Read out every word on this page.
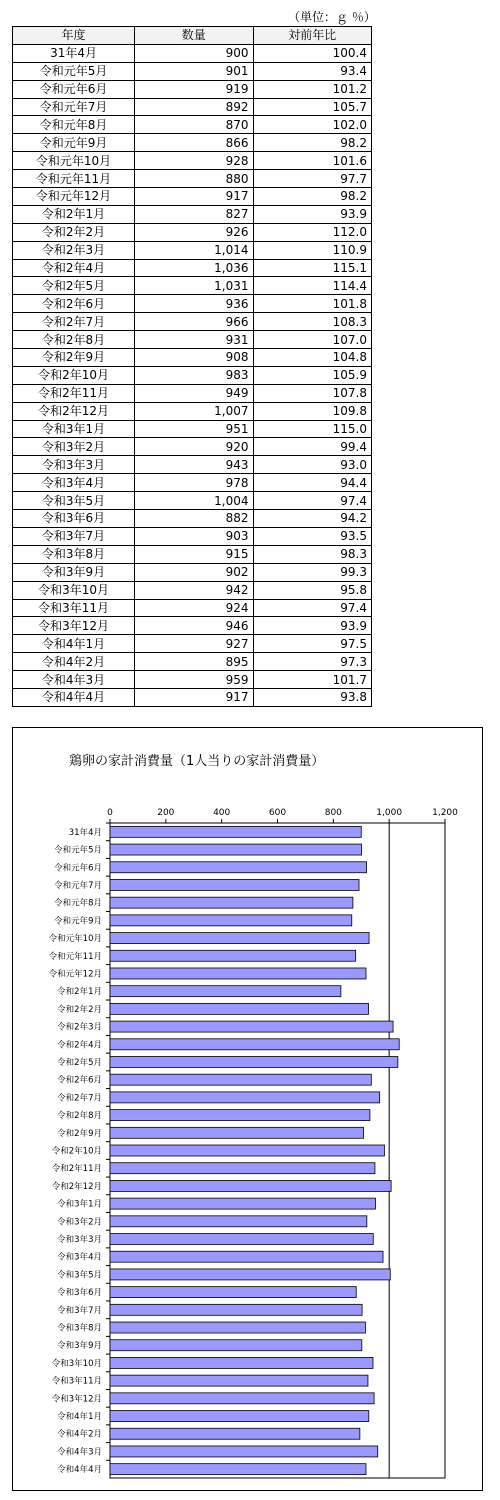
（単位：ｇ ％）
年度	数量	対前年比
31年4月	900	100.4
令和元年5月	901	93.4
令和元年6月	919	101.2
令和元年7月	892	105.7
令和元年8月	870	102.0
令和元年9月	866	98.2
令和元年10月	928	101.6
令和元年11月	880	97.7
令和元年12月	917	98.2
令和2年1月	827	93.9
令和2年2月	926	112.0
令和2年3月	1,014	110.9
令和2年4月	1,036	115.1
令和2年5月	1,031	114.4
令和2年6月	936	101.8
令和2年7月	966	108.3
令和2年8月	931	107.0
令和2年9月	908	104.8
令和2年10月	983	105.9
令和2年11月	949	107.8
令和2年12月	1,007	109.8
令和3年1月	951	115.0
令和3年2月	920	99.4
令和3年3月	943	93.0
令和3年4月	978	94.4
令和3年5月	1,004	97.4
令和3年6月	882	94.2
令和3年7月	903	93.5
令和3年8月	915	98.3
令和3年9月	902	99.3
令和3年10月	942	95.8
令和3年11月	924	97.4
令和3年12月	946	93.9
令和4年1月	927	97.5
令和4年2月	895	97.3
令和4年3月	959	101.7
令和4年4月	917	93.8
鶏卵の家計消費量（1人当りの家計消費量）
0	200	400	600	800	1,000	1,200
31年4月
令和元年5月
令和元年6月
令和元年7月
令和元年8月
令和元年9月
令和元年10月
令和元年11月
令和元年12月
令和2年1月
令和2年2月
令和2年3月
令和2年4月
令和2年5月
令和2年6月
令和2年7月
令和2年8月
令和2年9月
令和2年10月
令和2年11月
令和2年12月
令和3年1月
令和3年2月
令和3年3月
令和3年4月
令和3年5月
令和3年6月
令和3年7月
令和3年8月
令和3年9月
令和3年10月
令和3年11月
令和3年12月
令和4年1月
令和4年2月
令和4年3月
令和4年4月
